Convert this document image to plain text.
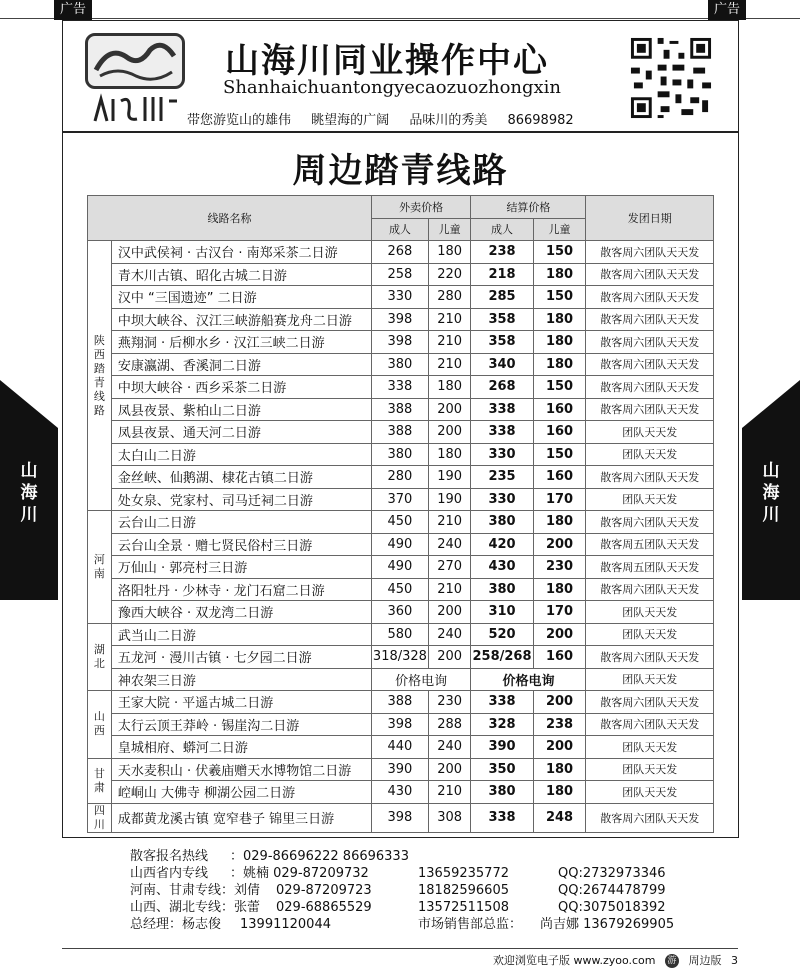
广告	广告
山海川同业操作中心
Shanhaichuantongyecaozuozhongxin
带您游览山的雄伟 眺望海的广阔 品味川的秀美 86698982
山海川
山海川
周边踏青线路
线路名称		外卖价格		结算价格		发团日期
		成人	儿童	成人	儿童	

陕西踏青线路	汉中武侯祠 · 古汉台 · 南郑采茶二日游	268	180	238	150	散客周六团队天天发
	青木川古镇、昭化古城二日游	258	220	218	180	散客周六团队天天发
	汉中 “三国遗迹” 二日游	330	280	285	150	散客周六团队天天发
	中坝大峡谷、汉江三峡游船赛龙舟二日游	398	210	358	180	散客周六团队天天发
	燕翔洞 · 后柳水乡 · 汉江三峡二日游	398	210	358	180	散客周六团队天天发
	安康瀛湖、香溪洞二日游	380	210	340	180	散客周六团队天天发
	中坝大峡谷 · 西乡采茶二日游	338	180	268	150	散客周六团队天天发
	凤县夜景、紫柏山二日游	388	200	338	160	散客周六团队天天发
	凤县夜景、通天河二日游	388	200	338	160	团队天天发
	太白山二日游	380	180	330	150	团队天天发
	金丝峡、仙鹅湖、棣花古镇二日游	280	190	235	160	散客周六团队天天发
	处女泉、党家村、司马迁祠二日游	370	190	330	170	团队天天发

河南	云台山二日游	450	210	380	180	散客周六团队天天发
	云台山全景 · 赠七贤民俗村三日游	490	240	420	200	散客周五团队天天发
	万仙山 · 郭亮村三日游	490	270	430	230	散客周五团队天天发
	洛阳牡丹 · 少林寺 · 龙门石窟二日游	450	210	380	180	散客周六团队天天发
	豫西大峡谷 · 双龙湾二日游	360	200	310	170	团队天天发

湖北	武当山二日游	580	240	520	200	团队天天发
	五龙河 · 漫川古镇 · 七夕园二日游	318/328	200	258/268	160	散客周六团队天天发
	神农架三日游	价格电询		价格电询		团队天天发

山西	王家大院 · 平遥古城二日游	388	230	338	200	散客周六团队天天发
	太行云顶王莽岭 · 锡崖沟二日游	398	288	328	238	散客周六团队天天发
	皇城相府、蟒河二日游	440	240	390	200	团队天天发

甘肃	天水麦积山 · 伏羲庙赠天水博物馆二日游	390	200	350	180	团队天天发
	崆峒山 大佛寺 柳湖公园二日游	430	210	380	180	团队天天发

四川	成都黄龙溪古镇 宽窄巷子 锦里三日游	398	308	338	248	散客周六团队天天发
散客报名热线 ：029-86696222 86696333
山西省内专线 ：姚楠 029-87209732	13659235772	QQ:2732973346
河南、甘肃专线：刘倩 029-87209723	18182596605	QQ:2674478799
山西、湖北专线：张蕾 029-68865529	13572511508	QQ:3075018392
总经理：杨志俊 13991120044	市场销售部总监： 尚吉娜 13679269905
欢迎浏览电子版 www.zyoo.com 游 周边版 3
